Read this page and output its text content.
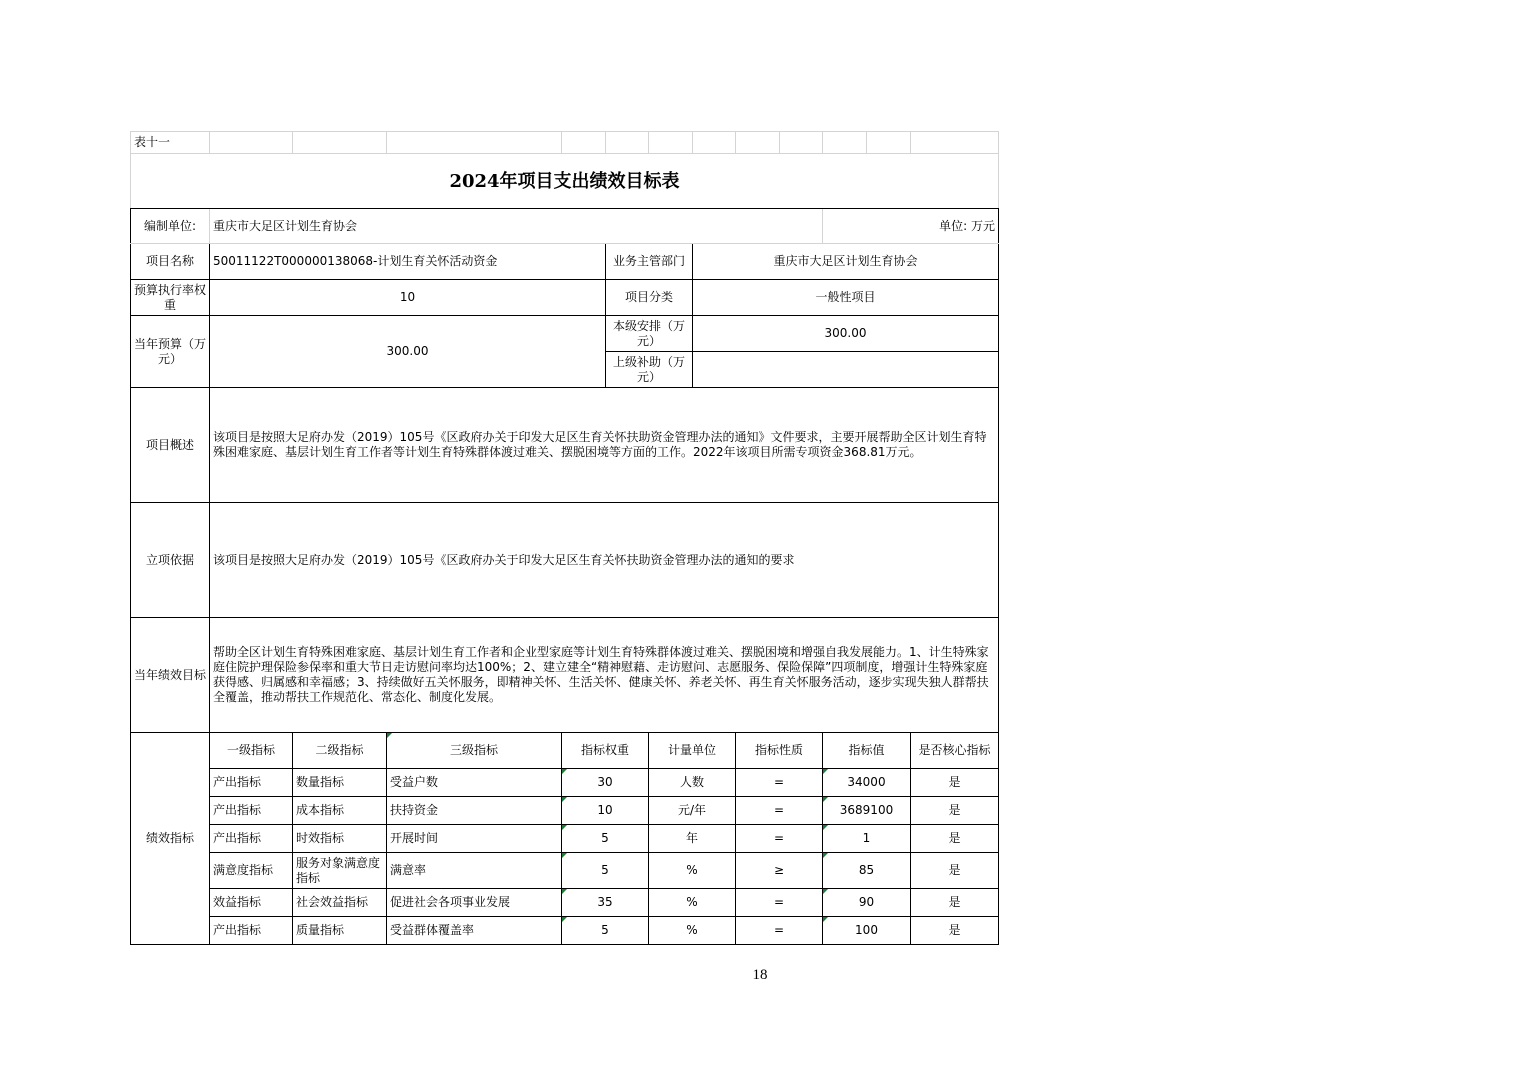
表十一												
2024年项目支出绩效目标表												
编制单位:	重庆市大足区计划生育协会									单位: 万元		
项目名称	50011122T000000138068-计划生育关怀活动资金				业务主管部门		重庆市大足区计划生育协会					
预算执行率权重	10				项目分类		一般性项目					
当年预算（万元）	300.00				本级安排（万元）		300.00					
					上级补助（万元）							
项目概述	该项目是按照大足府办发（2019）105号《区政府办关于印发大足区生育关怀扶助资金管理办法的通知》文件要求，主要开展帮助全区计划生育特殊困难家庭、基层计划生育工作者等计划生育特殊群体渡过难关、摆脱困境等方面的工作。2022年该项目所需专项资金368.81万元。											
立项依据	该项目是按照大足府办发（2019）105号《区政府办关于印发大足区生育关怀扶助资金管理办法的通知的要求											
当年绩效目标	帮助全区计划生育特殊困难家庭、基层计划生育工作者和企业型家庭等计划生育特殊群体渡过难关、摆脱困境和增强自我发展能力。1、计生特殊家庭住院护理保险参保率和重大节日走访慰问率均达100%；2、建立建全“精神慰藉、走访慰问、志愿服务、保险保障”四项制度，增强计生特殊家庭获得感、归属感和幸福感；3、持续做好五关怀服务，即精神关怀、生活关怀、健康关怀、养老关怀、再生育关怀服务活动，逐步实现失独人群帮扶全覆盖，推动帮扶工作规范化、常态化、制度化发展。											
绩效指标	一级指标	二级指标	三级指标	指标权重		计量单位		指标性质		指标值		是否核心指标
	产出指标	数量指标	受益户数	30		人数		=		34000		是
	产出指标	成本指标	扶持资金	10		元/年		=		3689100		是
	产出指标	时效指标	开展时间	5		年		=		1		是
	满意度指标	服务对象满意度指标	满意率	5		%		≥		85		是
	效益指标	社会效益指标	促进社会各项事业发展	35		%		=		90		是
	产出指标	质量指标	受益群体覆盖率	5		%		=		100		是
18
